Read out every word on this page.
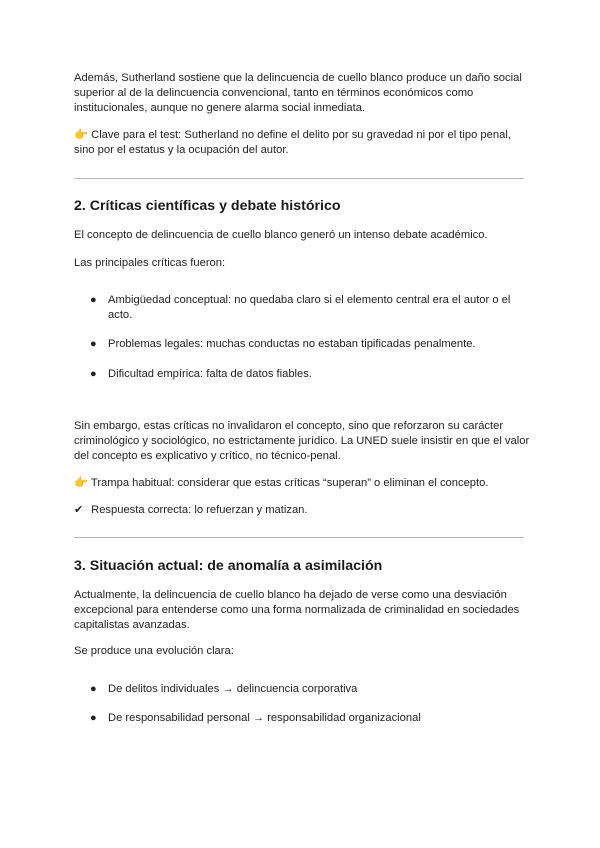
Además, Sutherland sostiene que la delincuencia de cuello blanco produce un daño social superior al de la delincuencia convencional, tanto en términos económicos como institucionales, aunque no genere alarma social inmediata.

👉 Clave para el test: Sutherland no define el delito por su gravedad ni por el tipo penal, sino por el estatus y la ocupación del autor.

2. Críticas científicas y debate histórico

El concepto de delincuencia de cuello blanco generó un intenso debate académico.

Las principales críticas fueron:

●	Ambigüedad conceptual: no quedaba claro si el elemento central era el autor o el acto.
●	Problemas legales: muchas conductas no estaban tipificadas penalmente.
●	Dificultad empírica: falta de datos fiables.

Sin embargo, estas críticas no invalidaron el concepto, sino que reforzaron su carácter criminológico y sociológico, no estrictamente jurídico. La UNED suele insistir en que el valor del concepto es explicativo y crítico, no técnico-penal.

👉 Trampa habitual: considerar que estas críticas “superan” o eliminan el concepto.

✔ Respuesta correcta: lo refuerzan y matizan.

3. Situación actual: de anomalía a asimilación

Actualmente, la delincuencia de cuello blanco ha dejado de verse como una desviación excepcional para entenderse como una forma normalizada de criminalidad en sociedades capitalistas avanzadas.

Se produce una evolución clara:

●	De delitos individuales → delincuencia corporativa
●	De responsabilidad personal → responsabilidad organizacional
